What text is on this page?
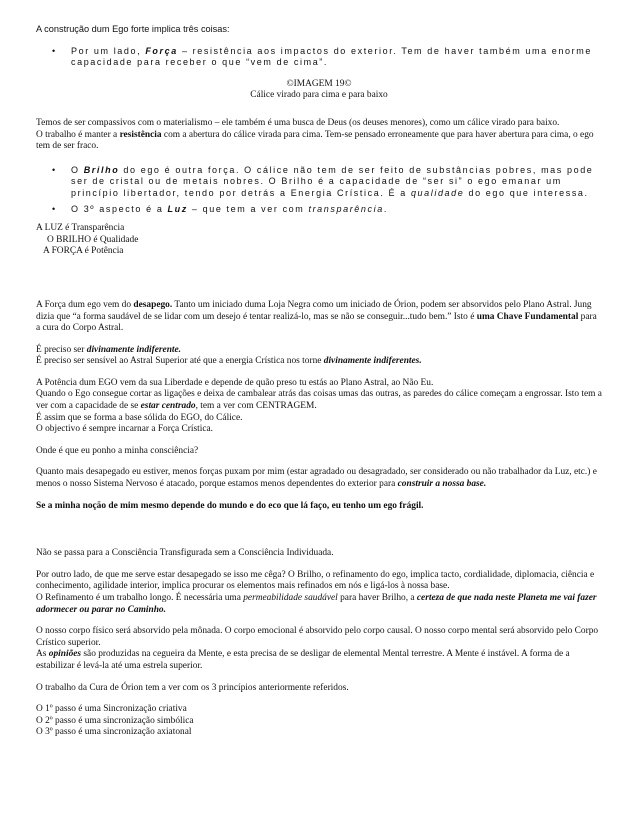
A construção dum Ego forte implica três coisas:

• Por um lado, Força – resistência aos impactos do exterior. Tem de haver também uma enorme capacidade para receber o que “vem de cima”.

©IMAGEM 19©

Cálice virado para cima e para baixo

Temos de ser compassivos com o materialismo – ele também é uma busca de Deus (os deuses menores), como um cálice virado para baixo.

O trabalho é manter a resistência com a abertura do cálice virada para cima. Tem-se pensado erroneamente que para haver abertura para cima, o ego tem de ser fraco.

• O Brilho do ego é outra força. O cálice não tem de ser feito de substâncias pobres, mas pode ser de cristal ou de metais nobres. O Brilho é a capacidade de “ser si” o ego emanar um princípio libertador, tendo por detrás a Energia Crística. É a qualidade do ego que interessa.
• O 3º aspecto é a Luz – que tem a ver com transparência.

A LUZ é Transparência

O BRILHO é Qualidade

A FORÇA é Potência

A Força dum ego vem do desapego. Tanto um iniciado duma Loja Negra como um iniciado de Órion, podem ser absorvidos pelo Plano Astral. Jung dizia que “a forma saudável de se lidar com um desejo é tentar realizá-lo, mas se não se conseguir...tudo bem.” Isto é uma Chave Fundamental para a cura do Corpo Astral.

É preciso ser divinamente indiferente.

É preciso ser sensível ao Astral Superior até que a energia Crística nos torne divinamente indiferentes.

A Potência dum EGO vem da sua Liberdade e depende de quão preso tu estás ao Plano Astral, ao Não Eu.

Quando o Ego consegue cortar as ligações e deixa de cambalear atrás das coisas umas das outras, as paredes do cálice começam a engrossar. Isto tem a ver com a capacidade de se estar centrado, tem a ver com CENTRAGEM.

É assim que se forma a base sólida do EGO, do Cálice.

O objectivo é sempre incarnar a Força Crística.

Onde é que eu ponho a minha consciência?

Quanto mais desapegado eu estiver, menos forças puxam por mim (estar agradado ou desagradado, ser considerado ou não trabalhador da Luz, etc.) e menos o nosso Sistema Nervoso é atacado, porque estamos menos dependentes do exterior para construir a nossa base.

Se a minha noção de mim mesmo depende do mundo e do eco que lá faço, eu tenho um ego frágil.

Não se passa para a Consciência Transfigurada sem a Consciência Individuada.

Por outro lado, de que me serve estar desapegado se isso me cêga? O Brilho, o refinamento do ego, implica tacto, cordialidade, diplomacia, ciência e conhecimento, agilidade interior, implica procurar os elementos mais refinados em nós e ligá-los à nossa base.

O Refinamento é um trabalho longo. É necessária uma permeabilidade saudável para haver Brilho, a certeza de que nada neste Planeta me vai fazer adormecer ou parar no Caminho.

O nosso corpo físico será absorvido pela mônada. O corpo emocional é absorvido pelo corpo causal. O nosso corpo mental será absorvido pelo Corpo Crístico superior.

As opiniões são produzidas na cegueira da Mente, e esta precisa de se desligar de elemental Mental terrestre. A Mente é instável. A forma de a estabilizar é levá-la até uma estrela superior.

O trabalho da Cura de Órion tem a ver com os 3 princípios anteriormente referidos.

O 1º passo é uma Sincronização criativa

O 2º passo é uma sincronização simbólica

O 3º passo é uma sincronização axiatonal
